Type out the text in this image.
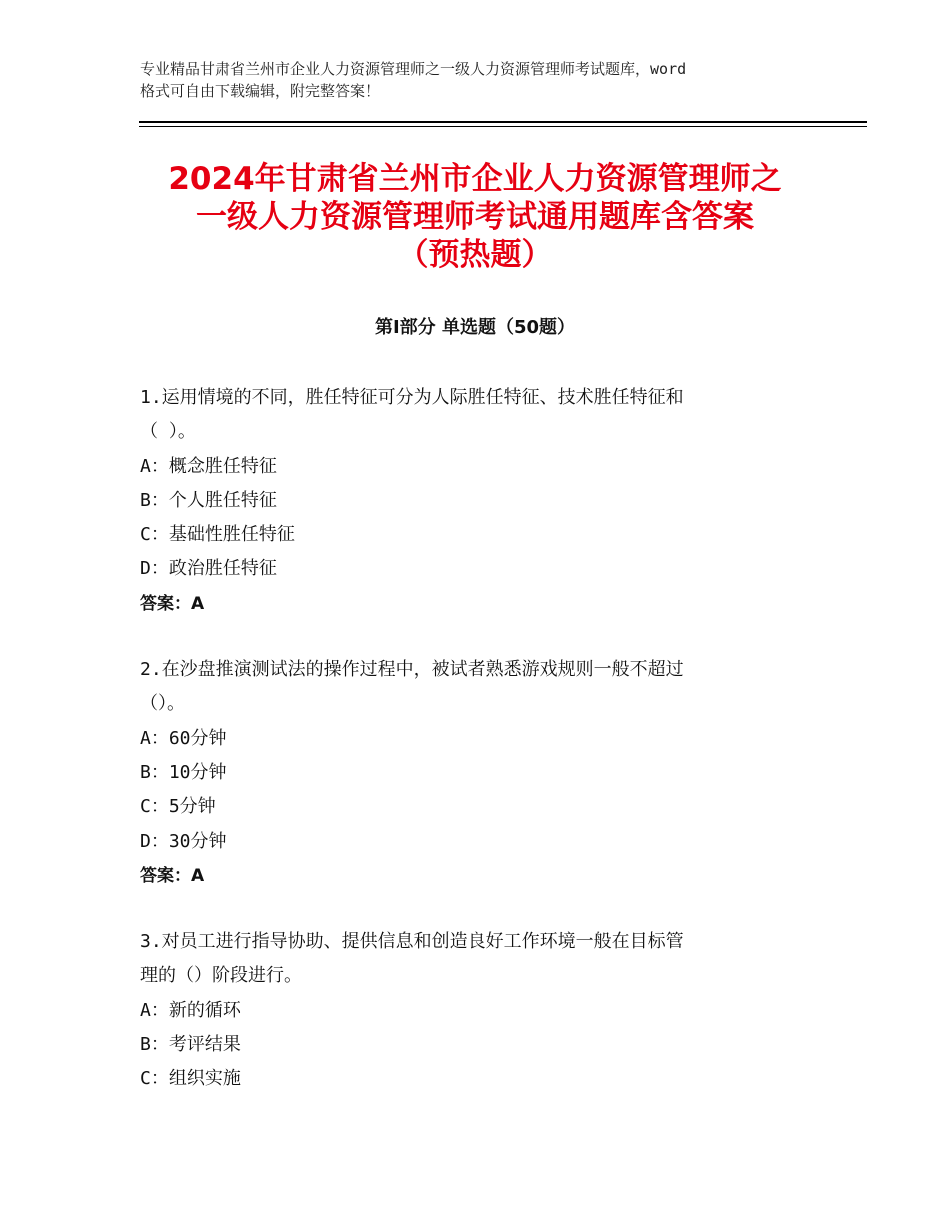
专业精品甘肃省兰州市企业人力资源管理师之一级人力资源管理师考试题库，word
格式可自由下载编辑，附完整答案！
2024年甘肃省兰州市企业人力资源管理师之
一级人力资源管理师考试通用题库含答案
（预热题）
第Ⅰ部分 单选题（50题）

1.运用情境的不同，胜任特征可分为人际胜任特征、技术胜任特征和

（ ）。

A：概念胜任特征

B：个人胜任特征

C：基础性胜任特征

D：政治胜任特征

答案：A

2.在沙盘推演测试法的操作过程中，被试者熟悉游戏规则一般不超过

（）。

A：60分钟

B：10分钟

C：5分钟

D：30分钟

答案：A

3.对员工进行指导协助、提供信息和创造良好工作环境一般在目标管

理的（）阶段进行。

A：新的循环

B：考评结果

C：组织实施
